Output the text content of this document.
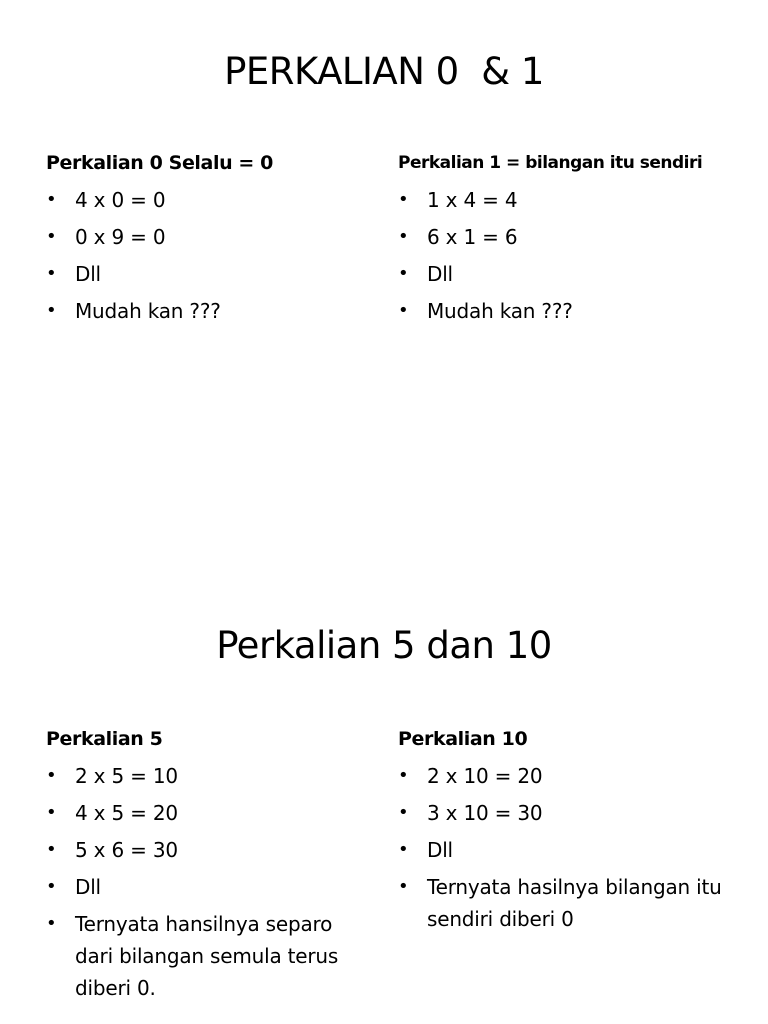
PERKALIAN 0  & 1
Perkalian 0 Selalu = 0
• 4 x 0 = 0
• 0 x 9 = 0
• Dll
• Mudah kan ???
Perkalian 1 = bilangan itu sendiri
• 1 x 4 = 4
• 6 x 1 = 6
• Dll
• Mudah kan ???
Perkalian 5 dan 10
Perkalian 5
• 2 x 5 = 10
• 4 x 5 = 20
• 5 x 6 = 30
• Dll
• Ternyata hansilnya separo dari bilangan semula terus diberi 0.
Perkalian 10
• 2 x 10 = 20
• 3 x 10 = 30
• Dll
• Ternyata hasilnya bilangan itu sendiri diberi 0
